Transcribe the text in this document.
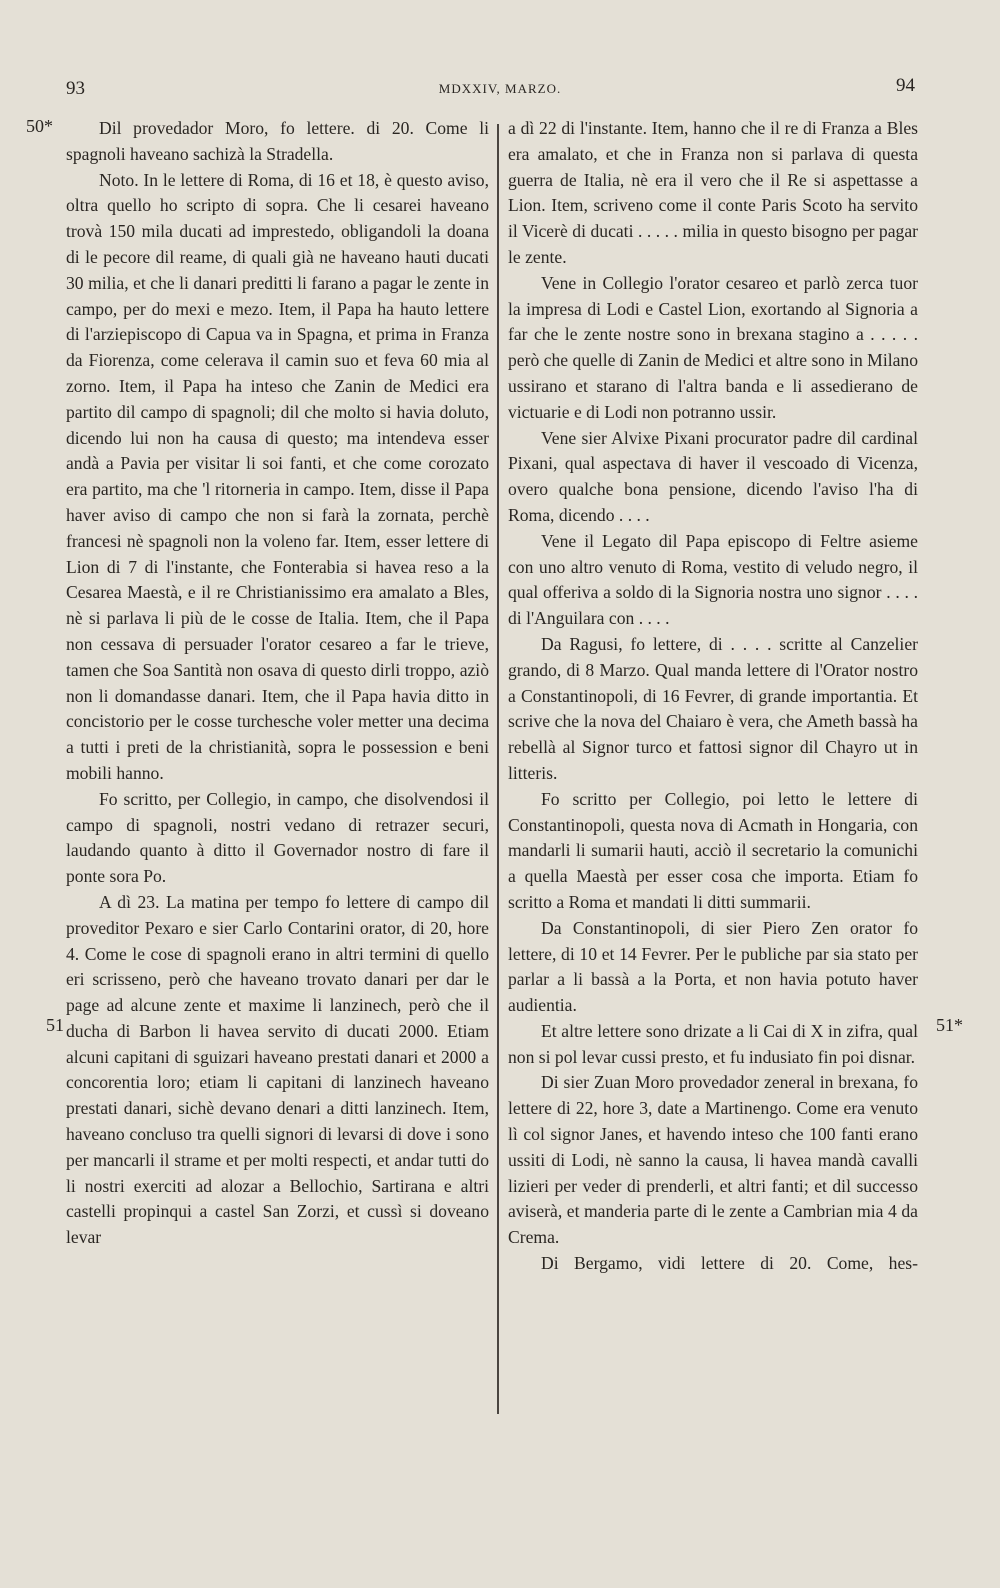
93	MDXXIV, MARZO.	94
50*
51	51*

Dil provedador Moro, fo lettere. di 20. Come li spagnoli haveano sachizà la Stradella.

Noto. In le lettere di Roma, di 16 et 18, è questo aviso, oltra quello ho scripto di sopra. Che li cesarei haveano trovà 150 mila ducati ad imprestedo, obligandoli la doana di le pecore dil reame, di quali già ne haveano hauti ducati 30 milia, et che li danari preditti li farano a pagar le zente in campo, per do mexi e mezo. Item, il Papa ha hauto lettere di l'arziepiscopo di Capua va in Spagna, et prima in Franza da Fiorenza, come celerava il camin suo et feva 60 mia al zorno. Item, il Papa ha inteso che Zanin de Medici era partito dil campo di spagnoli; dil che molto si havia doluto, dicendo lui non ha causa di questo; ma intendeva esser andà a Pavia per visitar li soi fanti, et che come corozato era partito, ma che 'l ritorneria in campo. Item, disse il Papa haver aviso di campo che non si farà la zornata, perchè francesi nè spagnoli non la voleno far. Item, esser lettere di Lion di 7 di l'instante, che Fonterabia si havea reso a la Cesarea Maestà, e il re Christianissimo era amalato a Bles, nè si parlava li più de le cosse de Italia. Item, che il Papa non cessava di persuader l'orator cesareo a far le trieve, tamen che Soa Santità non osava di questo dirli troppo, aziò non li domandasse danari. Item, che il Papa havia ditto in concistorio per le cosse turchesche voler metter una decima a tutti i preti de la christianità, sopra le possession e beni mobili hanno.

Fo scritto, per Collegio, in campo, che disolvendosi il campo di spagnoli, nostri vedano di retrazer securi, laudando quanto à ditto il Governador nostro di fare il ponte sora Po.

A dì 23. La matina per tempo fo lettere di campo dil proveditor Pexaro e sier Carlo Contarini orator, di 20, hore 4. Come le cose di spagnoli erano in altri termini di quello eri scrisseno, però che haveano trovato danari per dar le page ad alcune zente et maxime li lanzinech, però che il ducha di Barbon li havea servito di ducati 2000. Etiam alcuni capitani di sguizari haveano prestati danari et 2000 a concorentia loro; etiam li capitani di lanzinech haveano prestati danari, sichè devano denari a ditti lanzinech. Item, haveano concluso tra quelli signori di levarsi di dove i sono per mancarli il strame et per molti respecti, et andar tutti do li nostri exerciti ad alozar a Bellochio, Sartirana e altri castelli propinqui a castel San Zorzi, et cussì si doveano levar

a dì 22 di l'instante. Item, hanno che il re di Franza a Bles era amalato, et che in Franza non si parlava di questa guerra de Italia, nè era il vero che il Re si aspettasse a Lion. Item, scriveno come il conte Paris Scoto ha servito il Vicerè di ducati . . . . . milia in questo bisogno per pagar le zente.

Vene in Collegio l'orator cesareo et parlò zerca tuor la impresa di Lodi e Castel Lion, exortando al Signoria a far che le zente nostre sono in brexana stagino a . . . . . però che quelle di Zanin de Medici et altre sono in Milano ussirano et starano di l'altra banda e li assedierano de victuarie e di Lodi non potranno ussir.

Vene sier Alvixe Pixani procurator padre dil cardinal Pixani, qual aspectava di haver il vescoado di Vicenza, overo qualche bona pensione, dicendo l'aviso l'ha di Roma, dicendo . . . .

Vene il Legato dil Papa episcopo di Feltre asieme con uno altro venuto di Roma, vestito di veludo negro, il qual offeriva a soldo di la Signoria nostra uno signor . . . . di l'Anguilara con . . . .

Da Ragusi, fo lettere, di . . . . scritte al Canzelier grando, di 8 Marzo. Qual manda lettere di l'Orator nostro a Constantinopoli, di 16 Fevrer, di grande importantia. Et scrive che la nova del Chaiaro è vera, che Ameth bassà ha rebellà al Signor turco et fattosi signor dil Chayro ut in litteris.

Fo scritto per Collegio, poi letto le lettere di Constantinopoli, questa nova di Acmath in Hongaria, con mandarli li sumarii hauti, acciò il secretario la comunichi a quella Maestà per esser cosa che importa. Etiam fo scritto a Roma et mandati li ditti summarii.

Da Constantinopoli, di sier Piero Zen orator fo lettere, di 10 et 14 Fevrer. Per le publiche par sia stato per parlar a li bassà a la Porta, et non havia potuto haver audientia.

Et altre lettere sono drizate a li Cai di X in zifra, qual non si pol levar cussi presto, et fu indusiato fin poi disnar.

Di sier Zuan Moro provedador zeneral in brexana, fo lettere di 22, hore 3, date a Martinengo. Come era venuto lì col signor Janes, et havendo inteso che 100 fanti erano ussiti di Lodi, nè sanno la causa, li havea mandà cavalli lizieri per veder di prenderli, et altri fanti; et dil successo aviserà, et manderia parte di le zente a Cambrian mia 4 da Crema.

Di Bergamo, vidi lettere di 20. Come, hes-
